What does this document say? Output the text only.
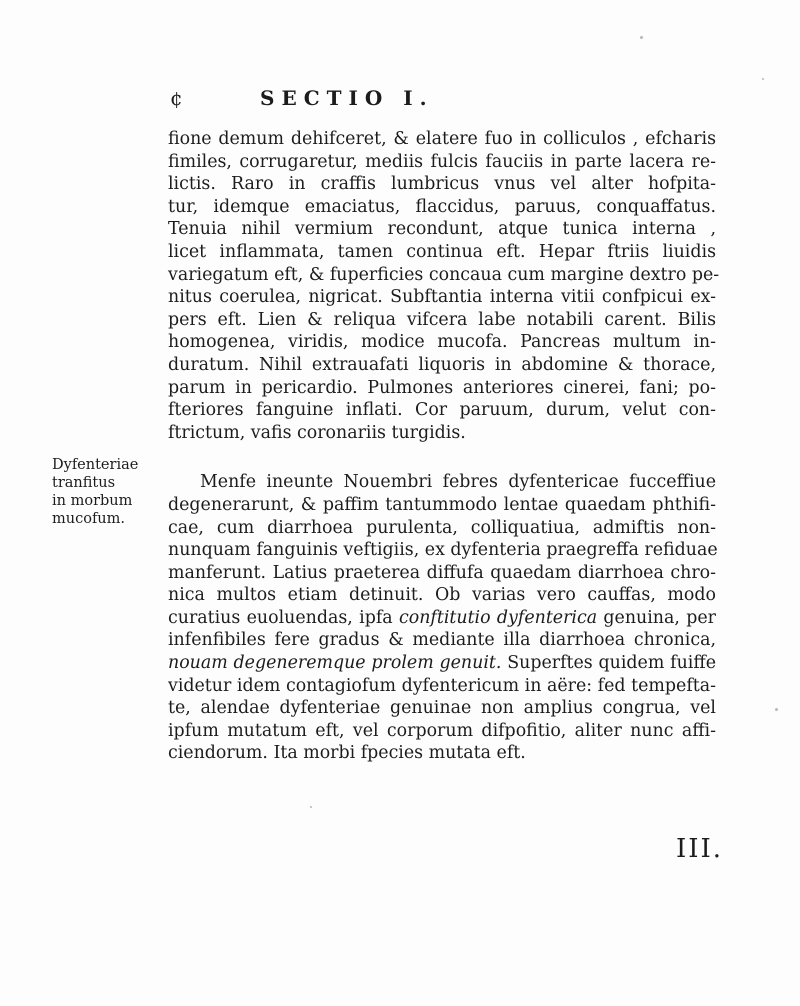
¢	SECTIO I.

fione demum dehifceret, & elatere fuo in colliculos , efcharis
fimiles, corrugaretur, mediis fulcis fauciis in parte lacera re-
lictis. Raro in craffis lumbricus vnus vel alter hofpita-
tur, idemque emaciatus, flaccidus, paruus, conquaffatus.
Tenuia nihil vermium recondunt, atque tunica interna ,
licet inflammata, tamen continua eft. Hepar ftriis liuidis
variegatum eft, & fuperficies concaua cum margine dextro pe-
nitus coerulea, nigricat. Subftantia interna vitii confpicui ex-
pers eft. Lien & reliqua vifcera labe notabili carent. Bilis
homogenea, viridis, modice mucofa. Pancreas multum in-
duratum. Nihil extrauafati liquoris in abdomine & thorace,
parum in pericardio. Pulmones anteriores cinerei, fani; po-
fteriores fanguine inflati. Cor paruum, durum, velut con-
ftrictum, vafis coronariis turgidis.

Menfe ineunte Nouembri febres dyfentericae fucceffiue
degenerarunt, & paffim tantummodo lentae quaedam phthifi-
cae, cum diarrhoea purulenta, colliquatiua, admiftis non-
nunquam fanguinis veftigiis, ex dyfenteria praegreffa refiduae
manferunt. Latius praeterea diffufa quaedam diarrhoea chro-
nica multos etiam detinuit. Ob varias vero cauffas, modo
curatius euoluendas, ipfa conftitutio dyfenterica genuina, per
infenfibiles fere gradus & mediante illa diarrhoea chronica,
nouam degeneremque prolem genuit. Superftes quidem fuiffe
videtur idem contagiofum dyfentericum in aëre: fed tempefta-
te, alendae dyfenteriae genuinae non amplius congrua, vel
ipfum mutatum eft, vel corporum difpofitio, aliter nunc affi-
ciendorum. Ita morbi fpecies mutata eft.

Dyfenteriae
tranfitus
in morbum
mucofum.
III.
